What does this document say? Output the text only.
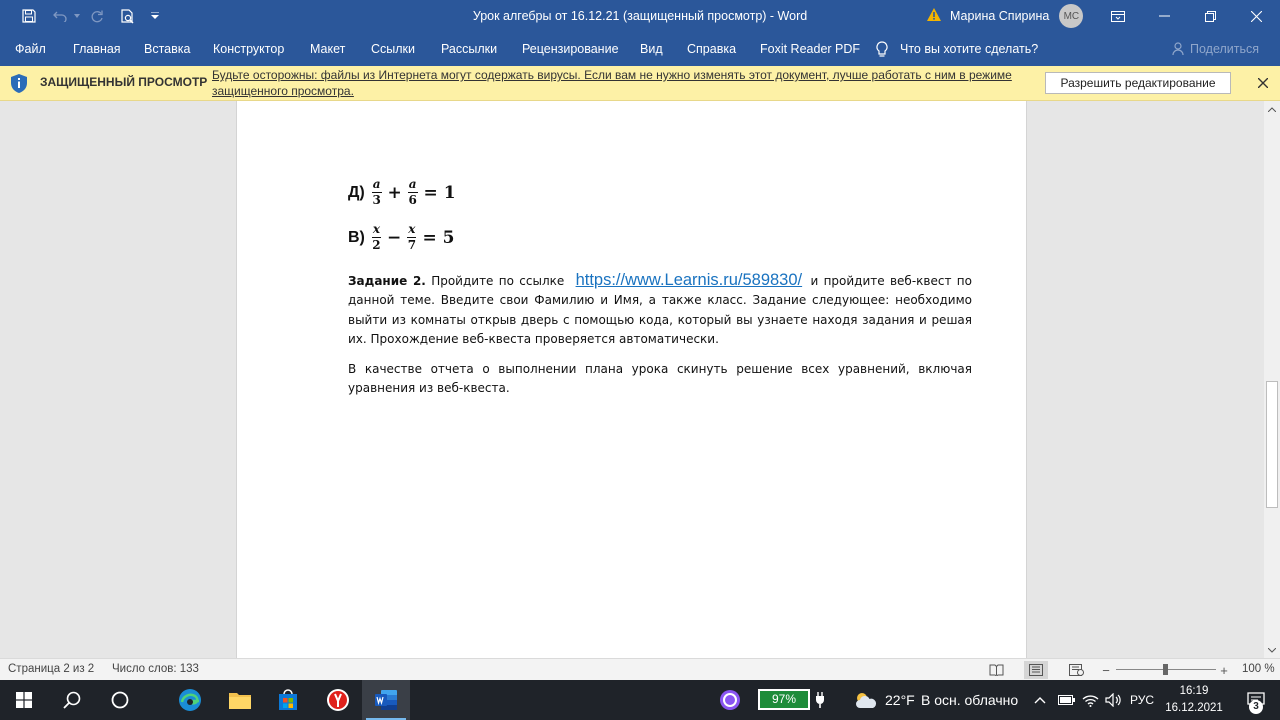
Урок алгебры от 16.12.21 (защищенный просмотр) - Word	Марина Спирина	МС
Файл Главная Вставка Конструктор Макет Ссылки Рассылки Рецензирование Вид Справка Foxit Reader PDF	Что вы хотите сделать?	Поделиться
ЗАЩИЩЕННЫЙ ПРОСМОТР Будьте осторожны: файлы из Интернета могут содержать вирусы. Если вам не нужно изменять этот документ, лучше работать с ним в режиме защищенного просмотра.
Разрешить редактирование
$Д) \frac{a}{3} + \frac{a}{6} = 1$
$В) \frac{x}{2} - \frac{x}{7} = 5$

Задание 2. Пройдите по ссылке https://www.Learnis.ru/589830/ и пройдите веб-квест по данной теме. Введите свои Фамилию и Имя, а также класс. Задание следующее: необходимо выйти из комнаты открыв дверь с помощью кода, который вы узнаете находя задания и решая их. Прохождение веб-квеста проверяется автоматически.

В качестве отчета о выполнении плана урока скинуть решение всех уравнений, включая уравнения из веб-квеста.

Страница 2 из 2 Число слов: 133	−	+ 100 %
97%	22°F В осн. облачно	РУС
16:19
16.12.2021	3
